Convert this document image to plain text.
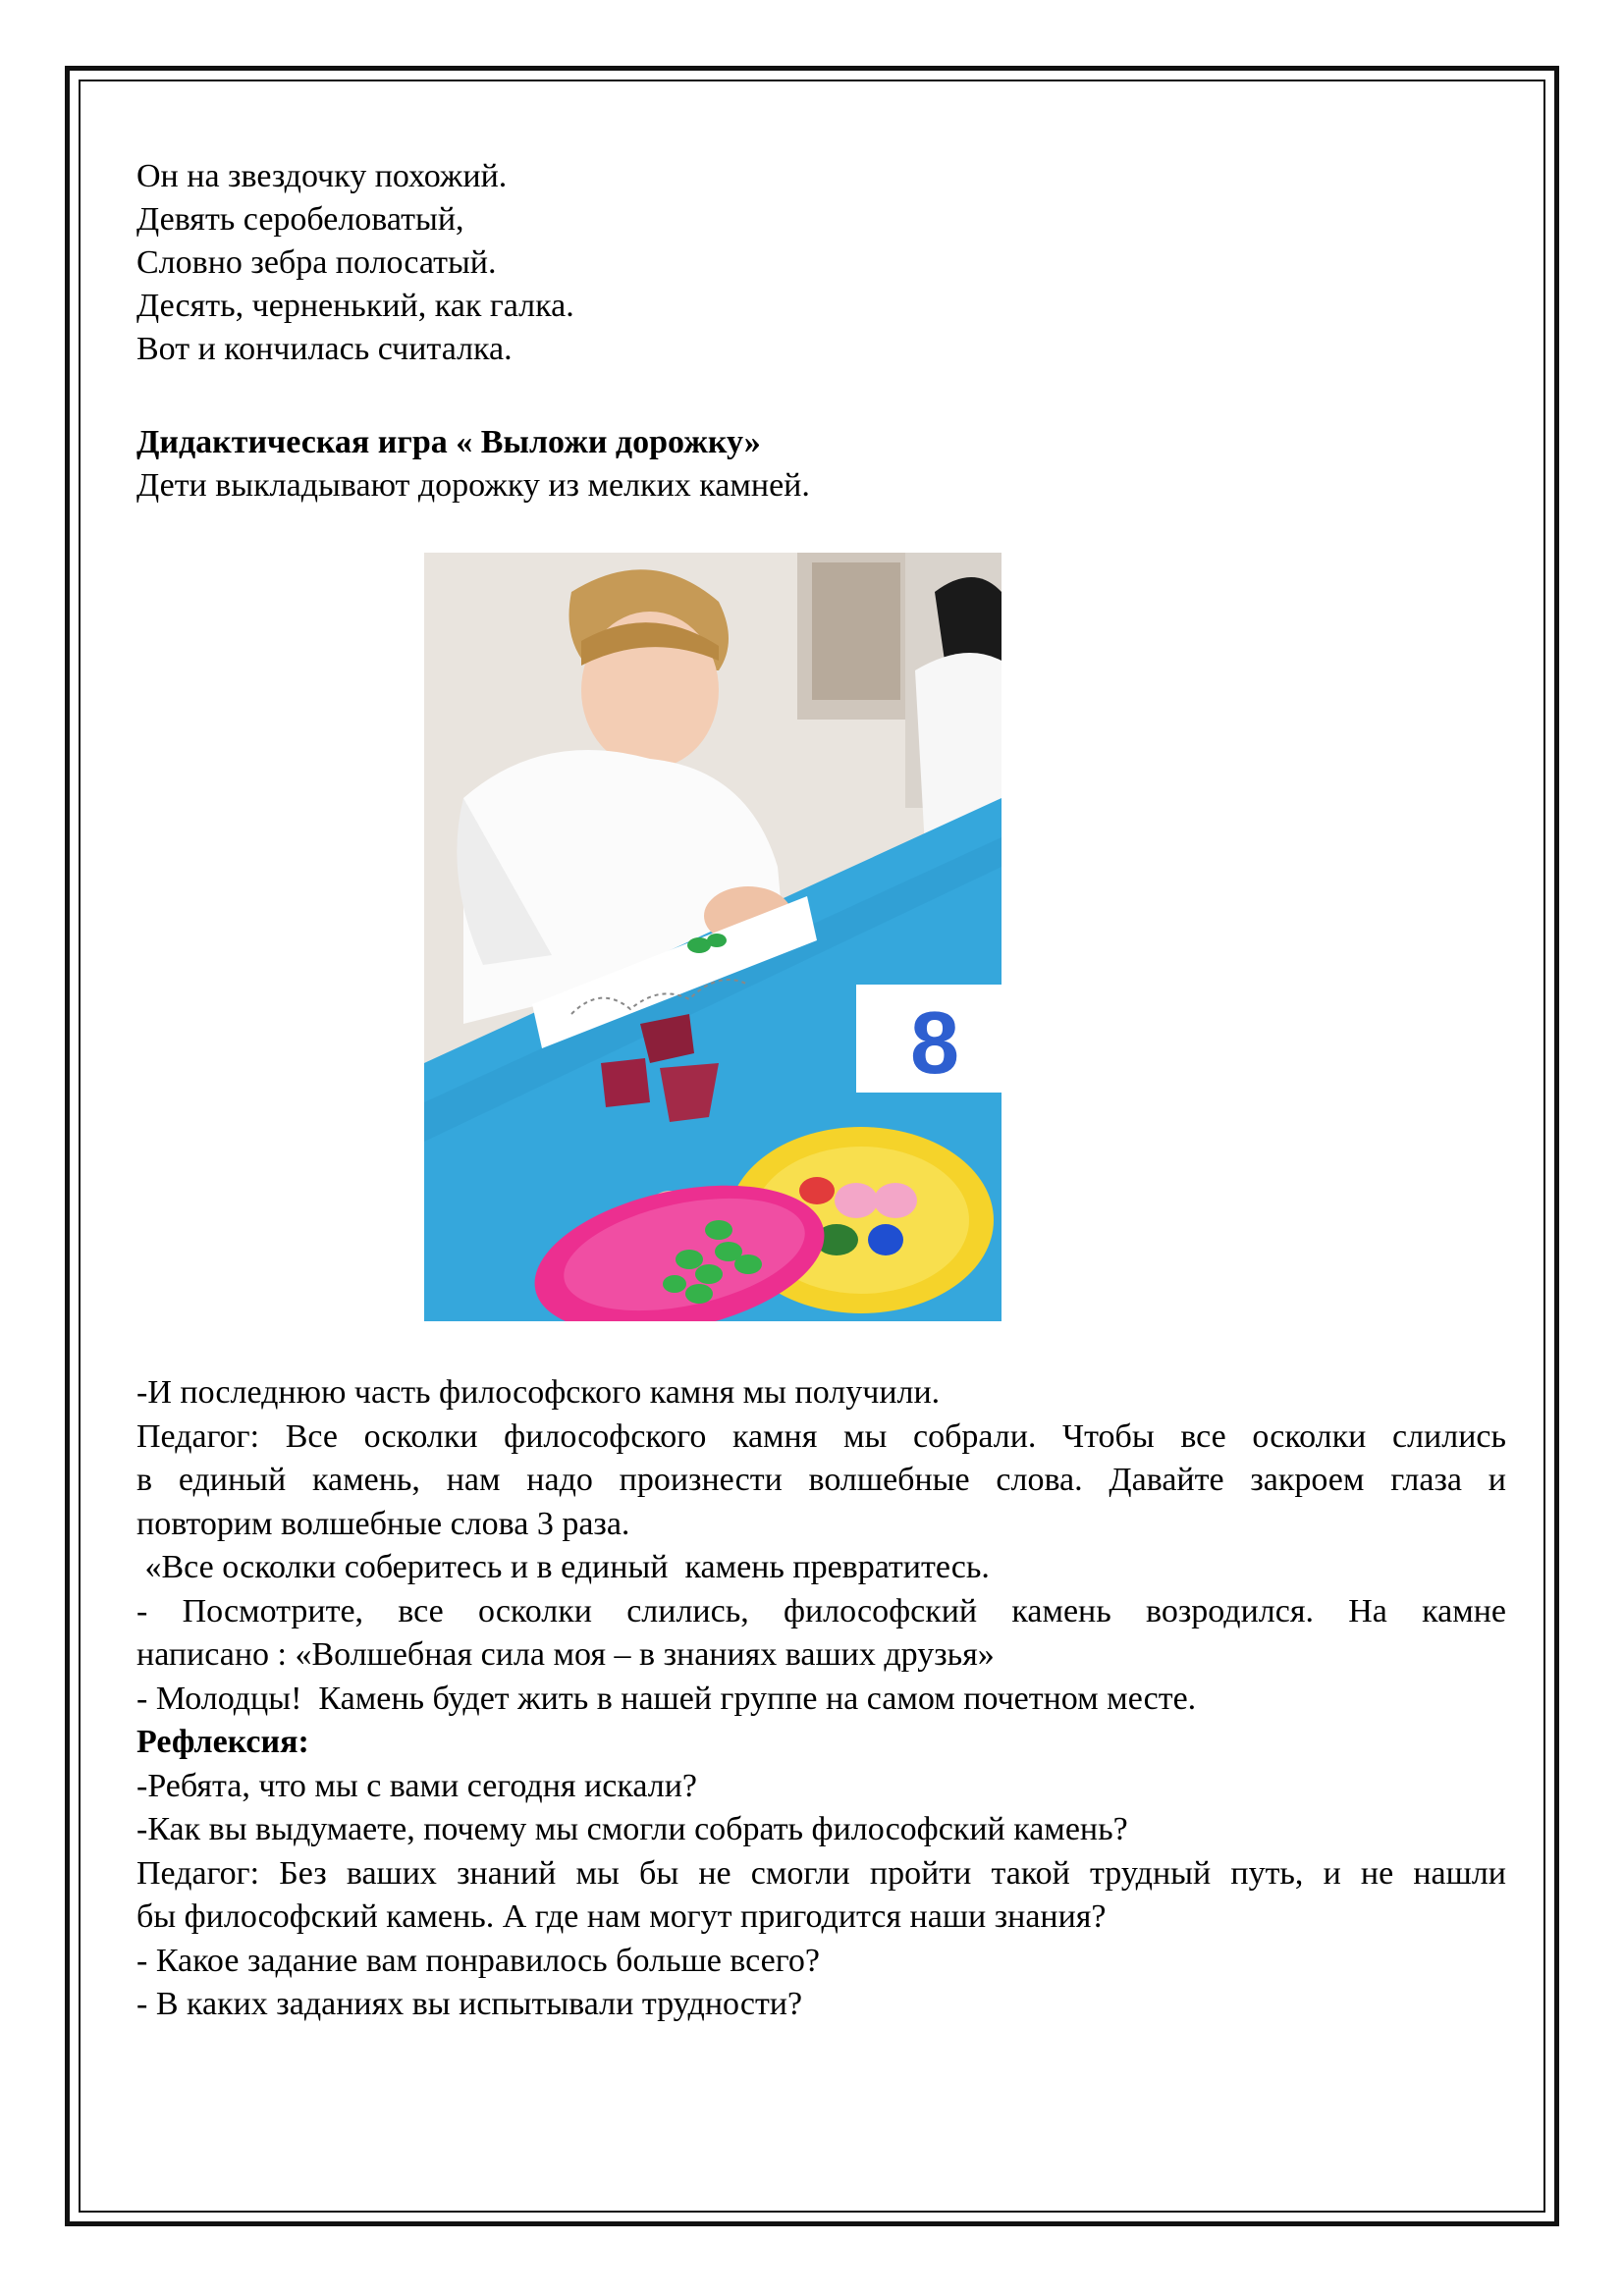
Он на звездочку похожий.
Девять серобеловатый,
Словно зебра полосатый.
Десять, черненький, как галка.
Вот и кончилась считалка.
Дидактическая игра « Выложи дорожку»
Дети выкладывают дорожку из мелких камней.
8
-И последнюю часть философского камня мы получили.
Педагог: Все осколки философского камня мы собрали. Чтобы все осколки слились
в единый камень, нам надо произнести волшебные слова. Давайте закроем глаза и
повторим волшебные слова 3 раза.
«Все осколки соберитесь и в единый  камень превратитесь.
- Посмотрите, все осколки слились, философский камень возродился. На камне
написано : «Волшебная сила моя – в знаниях ваших друзья»
- Молодцы!  Камень будет жить в нашей группе на самом почетном месте.
Рефлексия:
-Ребята, что мы с вами сегодня искали?
-Как вы выдумаете, почему мы смогли собрать философский камень?
Педагог: Без ваших знаний мы бы не смогли пройти такой трудный путь, и не нашли
бы философский камень. А где нам могут пригодится наши знания?
- Какое задание вам понравилось больше всего?
- В каких заданиях вы испытывали трудности?
